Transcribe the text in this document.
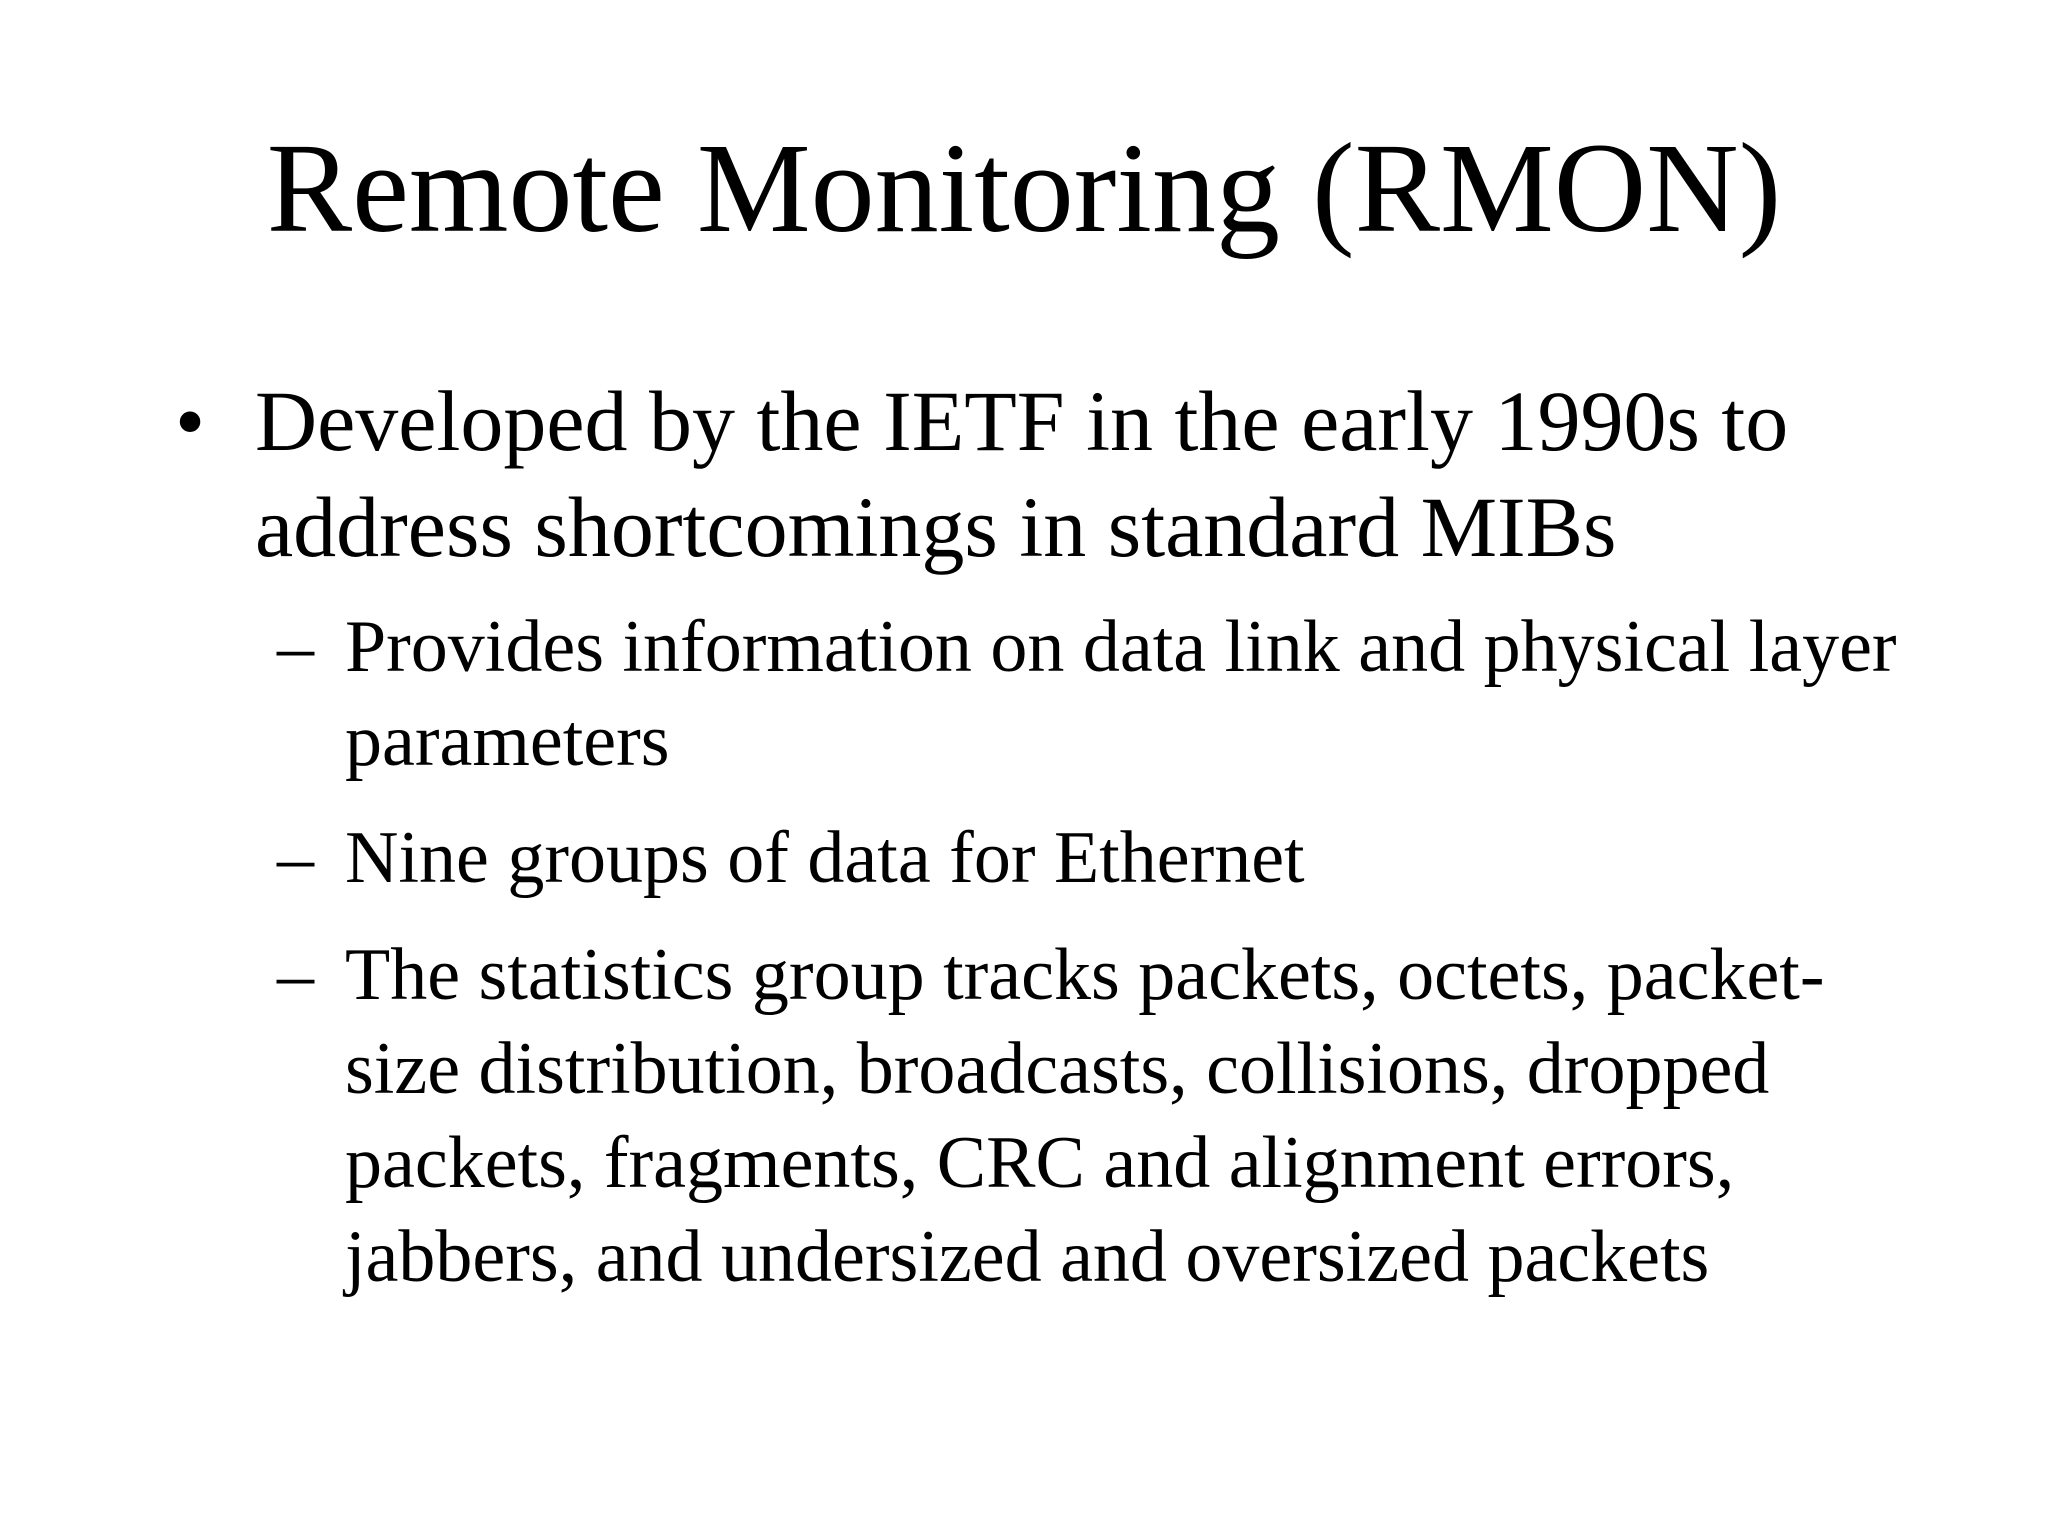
Remote Monitoring (RMON)
• Developed by the IETF in the early 1990s to address shortcomings in standard MIBs
– Provides information on data link and physical layer parameters
– Nine groups of data for Ethernet
– The statistics group tracks packets, octets, packet-size distribution, broadcasts, collisions, dropped packets, fragments, CRC and alignment errors, jabbers, and undersized and oversized packets
